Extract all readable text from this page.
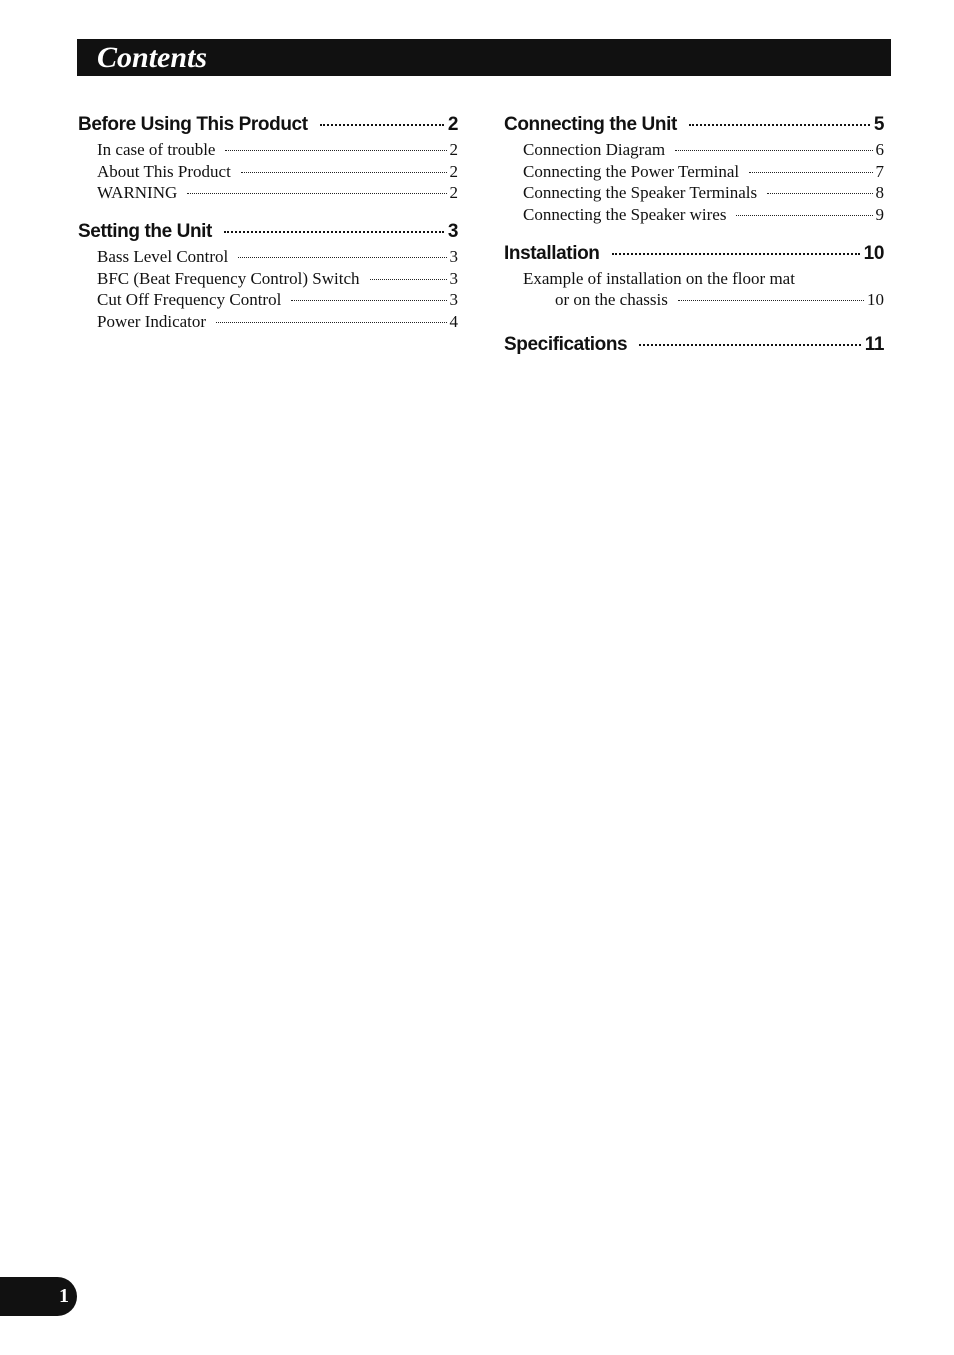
Contents
Before Using This Product	2
In case of trouble	2
About This Product	2
WARNING	2
Setting the Unit	3
Bass Level Control	3
BFC (Beat Frequency Control) Switch	3
Cut Off Frequency Control	3
Power Indicator	4
Connecting the Unit	5
Connection Diagram	6
Connecting the Power Terminal	7
Connecting the Speaker Terminals	8
Connecting the Speaker wires	9
Installation	10
Example of installation on the floor mat
or on the chassis	10
Specifications	11
1
